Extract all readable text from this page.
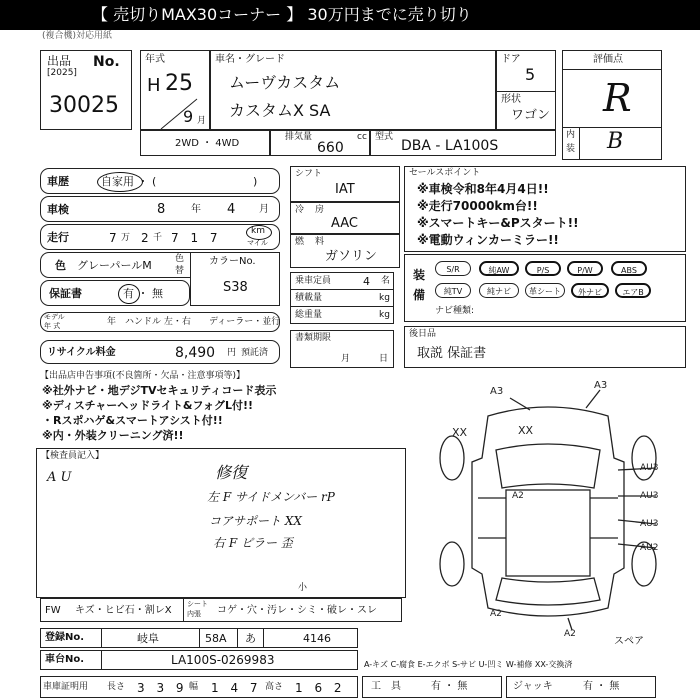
【 売切りMAX30コーナー 】 30万円までに売り切り
(複合機)対応用紙
出品 No.
[2025]
30025
年式
H 25
9 月
車名・グレード
ムーヴカスタム
カスタムX SA
ドア
5
形状
ワゴン
評価点
R
内
装 B
2WD ・ 4WD
排気量	cc
660
型式
DBA - LA100S
車歴	自家用 ・ (	)
車検	8	年 4 月
走行	7 万 2 千 7 1 7	km
マイル
色 グレーパールM	色
替
保証書	有 ・ 無
カラーNo.
S38
モデル
年 式	年 ハンドル 左・右 ディーラー・並行
リサイクル料金	8,490 円 預託済
シフト
IAT
冷 房
AAC
燃 料
ガソリン
乗車定員	4 名
積載量	kg
総重量	kg
書類期限
月	日
セールスポイント
※車検令和8年4月4日!!
※走行70000km台!!
※スマートキー&Pスタート!!
※電動ウィンカーミラー!!
装
備
S/R	純AW	P/S	P/W	ABS
純TV	純ナビ	革シート	外ナビ	エアB
ナビ種類:
後日品
取説 保証書
【出品店申告事項(不良箇所・欠品・注意事項等)】
※社外ナビ・地デジTVセキュリティコード表示
※ディスチャーヘッドライト&フォグL付!!
・Rスポハゲ&スマートアシスト付!!
※内・外装クリーニング済!!
【検査員記入】
A U	修復
左 F サイドメンバー rP
コアサポート XX
右 F ピラー 歪
A3
A3
XX	XX
AU3
AU3
AU3
AU2
A2
A2
A2
スペア
小
FW キズ・ヒビ石・割レX
シート
内張 コゲ・穴・汚レ・シミ・破レ・スレ
登録No.	岐阜	58A あ	4146
車台No.	LA100S-0269983	A-キズ C-腐食 E-エクボ S-サビ U-凹ミ W-補修 XX-交換済
車庫証明用 長さ 3 3 9 幅 1 4 7 高さ 1 6 2	工具 有 ・ 無	ジャッキ	有 ・ 無
